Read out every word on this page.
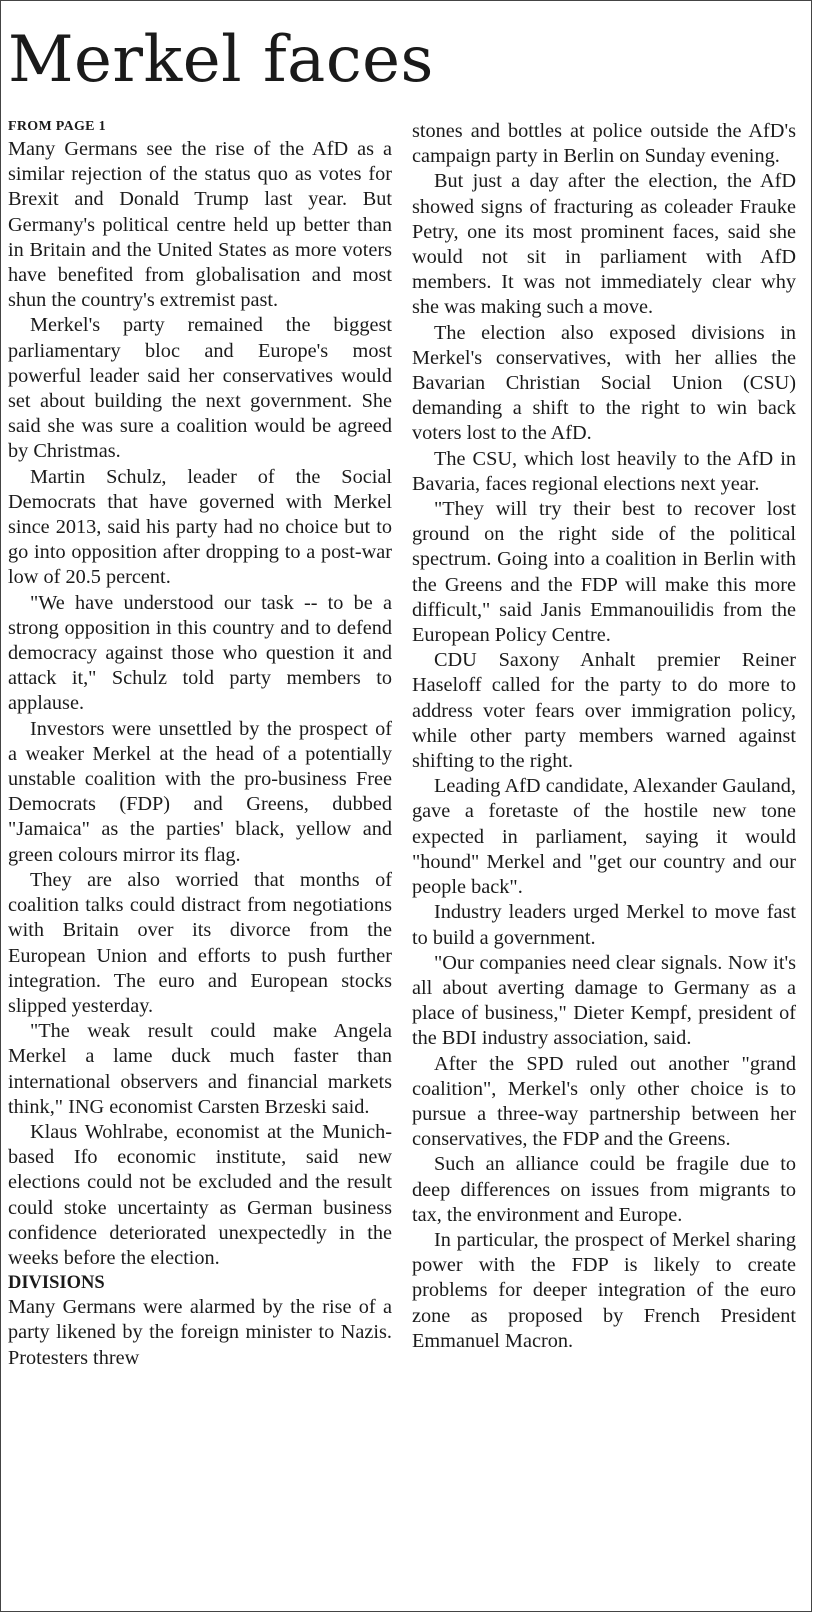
Merkel faces
FROM PAGE 1

Many Germans see the rise of the AfD as a similar rejection of the status quo as votes for Brexit and Donald Trump last year. But Germany's political centre held up better than in Britain and the United States as more voters have benefited from globalisation and most shun the country's extremist past.

Merkel's party remained the biggest parliamentary bloc and Europe's most powerful leader said her conservatives would set about building the next government. She said she was sure a coalition would be agreed by Christmas.

Martin Schulz, leader of the Social Democrats that have governed with Merkel since 2013, said his party had no choice but to go into opposition after dropping to a post-war low of 20.5 percent.

"We have understood our task -- to be a strong opposition in this country and to defend democracy against those who question it and attack it," Schulz told party members to applause.

Investors were unsettled by the prospect of a weaker Merkel at the head of a potentially unstable coalition with the pro-business Free Democrats (FDP) and Greens, dubbed "Jamaica" as the parties' black, yellow and green colours mirror its flag.

They are also worried that months of coalition talks could distract from negotiations with Britain over its divorce from the European Union and efforts to push further integration. The euro and European stocks slipped yesterday.

"The weak result could make Angela Merkel a lame duck much faster than international observers and financial markets think," ING economist Carsten Brzeski said.

Klaus Wohlrabe, economist at the Munich-based Ifo economic institute, said new elections could not be excluded and the result could stoke uncertainty as German business confidence deteriorated unexpectedly in the weeks before the election.

DIVISIONS

Many Germans were alarmed by the rise of a party likened by the foreign minister to Nazis. Protesters threw

stones and bottles at police outside the AfD's campaign party in Berlin on Sunday evening.

But just a day after the election, the AfD showed signs of fracturing as coleader Frauke Petry, one its most prominent faces, said she would not sit in parliament with AfD members. It was not immediately clear why she was making such a move.

The election also exposed divisions in Merkel's conservatives, with her allies the Bavarian Christian Social Union (CSU) demanding a shift to the right to win back voters lost to the AfD.

The CSU, which lost heavily to the AfD in Bavaria, faces regional elections next year.

"They will try their best to recover lost ground on the right side of the political spectrum. Going into a coalition in Berlin with the Greens and the FDP will make this more difficult," said Janis Emmanouilidis from the European Policy Centre.

CDU Saxony Anhalt premier Reiner Haseloff called for the party to do more to address voter fears over immigration policy, while other party members warned against shifting to the right.

Leading AfD candidate, Alexander Gauland, gave a foretaste of the hostile new tone expected in parliament, saying it would "hound" Merkel and "get our country and our people back".

Industry leaders urged Merkel to move fast to build a government.

"Our companies need clear signals. Now it's all about averting damage to Germany as a place of business," Dieter Kempf, president of the BDI industry association, said.

After the SPD ruled out another "grand coalition", Merkel's only other choice is to pursue a three-way partnership between her conservatives, the FDP and the Greens.

Such an alliance could be fragile due to deep differences on issues from migrants to tax, the environment and Europe.

In particular, the prospect of Merkel sharing power with the FDP is likely to create problems for deeper integration of the euro zone as proposed by French President Emmanuel Macron.
